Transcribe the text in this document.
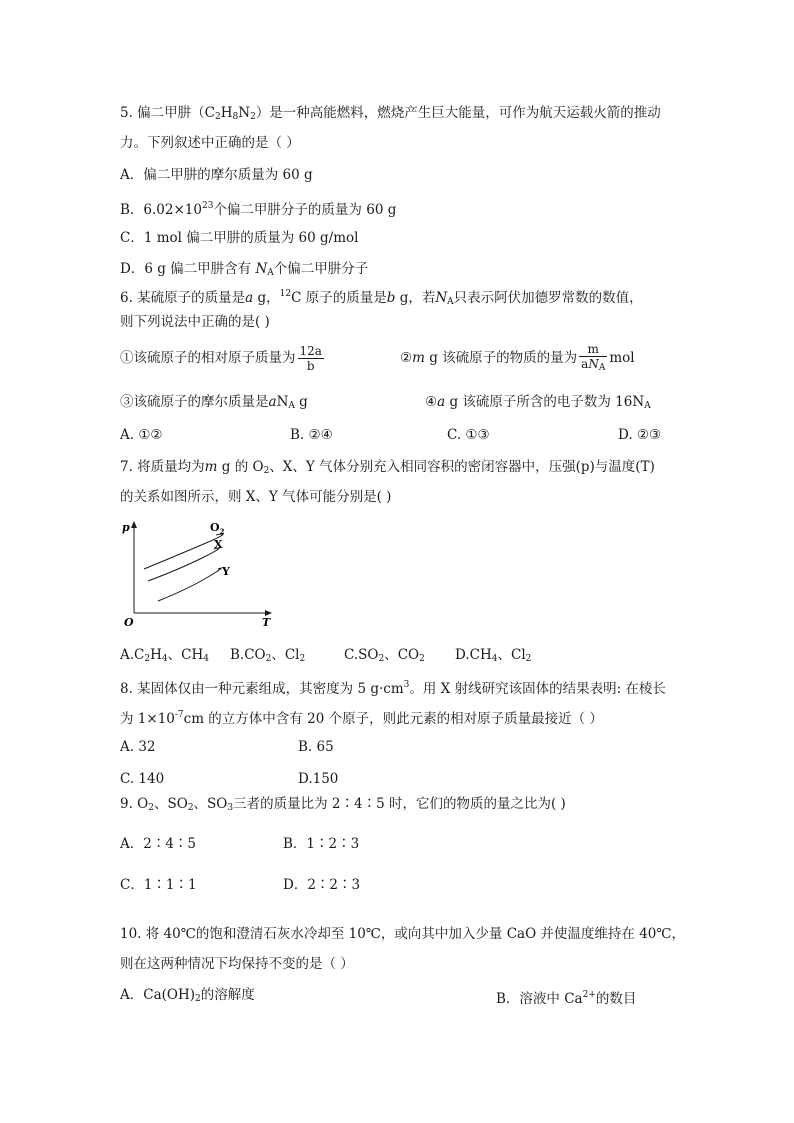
5. 偏二甲肼$(C_2H_8N_2)$是一种高能燃料，燃烧产生巨大能量，可作为航天运载火箭的推动
力。下列叙述中正确的是（ ）
A．偏二甲肼的摩尔质量为 60 g
B．$6.02\times 10^{23}$个偏二甲肼分子的质量为 60 g
C．1 mol 偏二甲肼的质量为 60 g/mol
D．6 g 偏二甲肼含有 $N_A$个偏二甲肼分子
6. 某硫原子的质量是a g，$^{12}$C 原子的质量是b g，若$N_A$只表示阿伏加德罗常数的数值，
则下列说法中正确的是( )
①该硫原子的相对原子质量为 $\frac{12a}{b}$	②m g 该硫原子的物质的量为 $\frac{m}{aN_A}$ mol
③该硫原子的摩尔质量是$aN_A$ g	④a g 该硫原子所含的电子数为 $16N_A$
A. ①②	B. ②④	C. ①③	D. ②③
7. 将质量均为m g 的 $O_2$、X、Y 气体分别充入相同容积的密闭容器中，压强(p)与温度(T)
的关系如图所示，则 X、Y 气体可能分别是( )
p
T
O
$O_2$
X
Y
$A.C_2H_4$、$CH_4$ $B.CO_2$、$Cl_2$	$C.SO_2$、$CO_2$ $D.CH_4$、$Cl_2$
8. 某固体仅由一种元素组成，其密度为 5 $g\cdot cm^3$。用 X 射线研究该固体的结果表明: 在棱长
为 $1\times 10^{-7}cm$ 的立方体中含有 20 个原子，则此元素的相对原子质量最接近（ ）
A. 32	B. 65
C. 140	D.150
9. $O_2$、$SO_2$、$SO_3$三者的质量比为 2∶4∶5 时，它们的物质的量之比为( )
A．2∶4∶5	B．1∶2∶3
C．1∶1∶1	D．2∶2∶3
10. 将 40℃的饱和澄清石灰水冷却至 10℃，或向其中加入少量 CaO 并使温度维持在 40℃，
则在这两种情况下均保持不变的是（ ）
A．$Ca(OH)_2$的溶解度	B．溶液中 $Ca^{2+}$的数目
